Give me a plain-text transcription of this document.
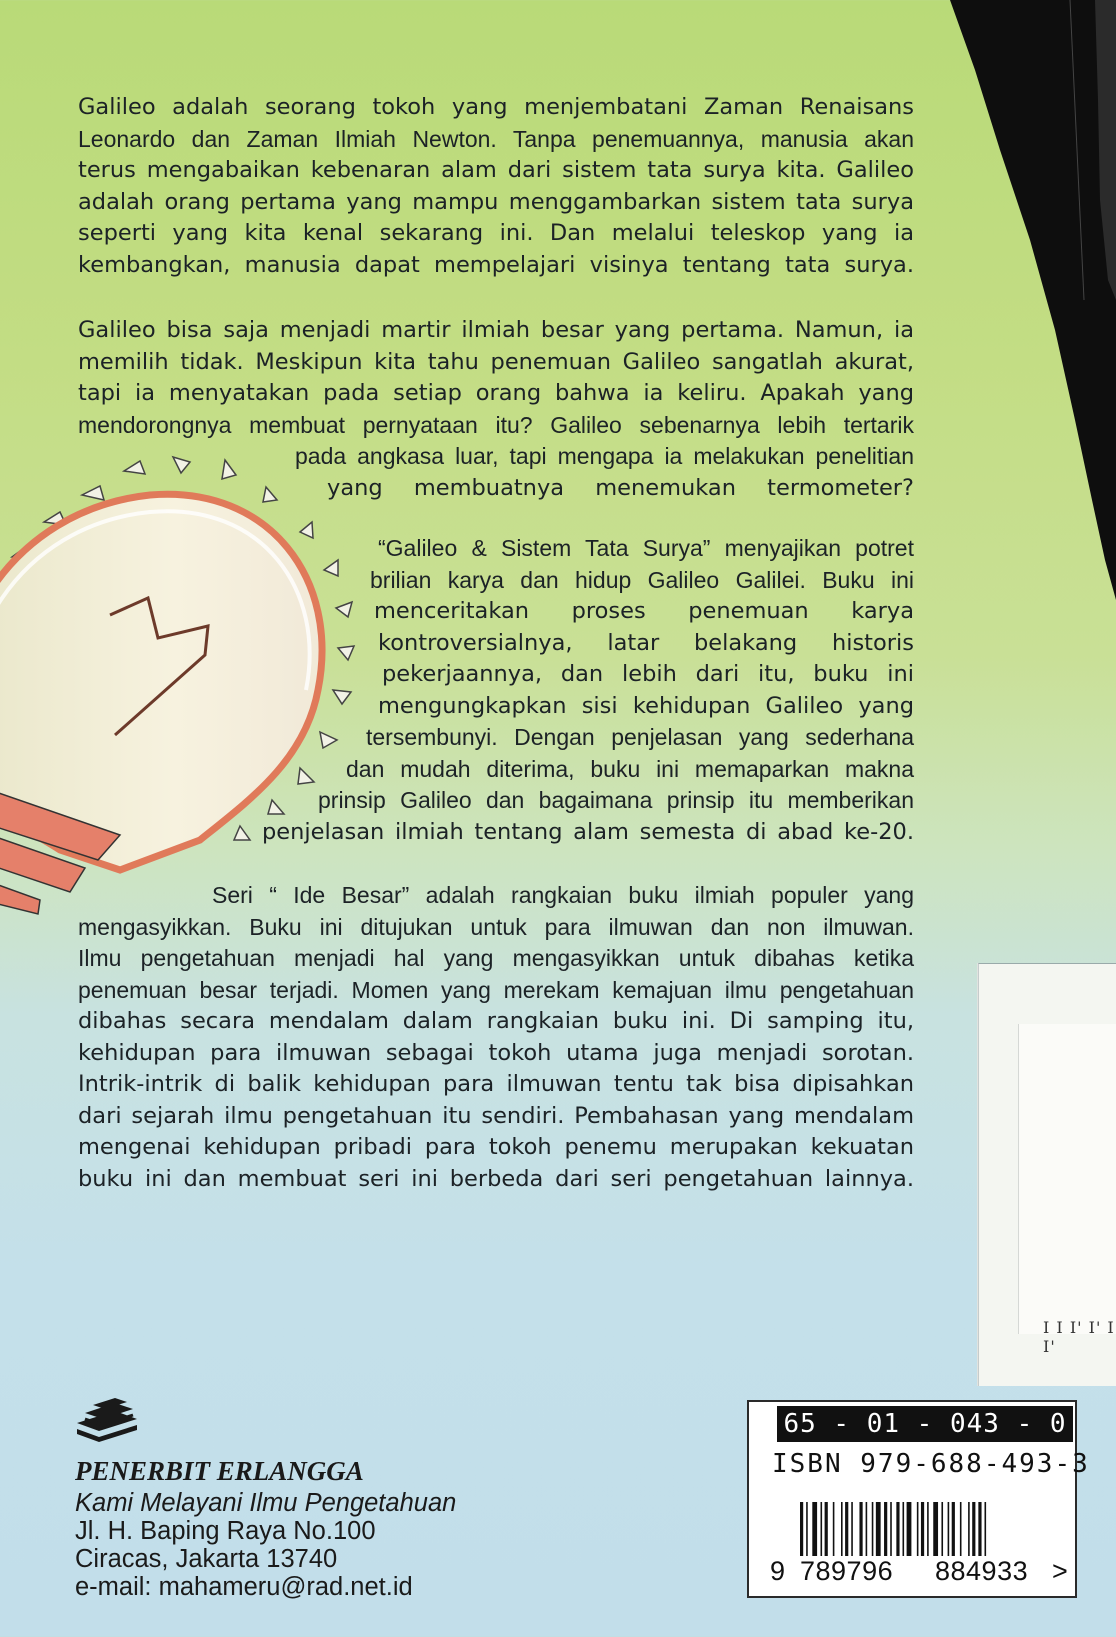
I I I' I' I I'
Galileo adalah seorang tokoh yang menjembatani Zaman Renaisans
Leonardo dan Zaman Ilmiah Newton. Tanpa penemuannya, manusia akan
terus mengabaikan kebenaran alam dari sistem tata surya kita. Galileo
adalah orang pertama yang mampu menggambarkan sistem tata surya
seperti yang kita kenal sekarang ini. Dan melalui teleskop yang ia
kembangkan, manusia dapat mempelajari visinya tentang tata surya.
Galileo bisa saja menjadi martir ilmiah besar yang pertama. Namun, ia
memilih tidak. Meskipun kita tahu penemuan Galileo sangatlah akurat,
tapi ia menyatakan pada setiap orang bahwa ia keliru. Apakah yang
mendorongnya membuat pernyataan itu? Galileo sebenarnya lebih tertarik
pada angkasa luar, tapi mengapa ia melakukan penelitian
yang membuatnya menemukan termometer?
“Galileo & Sistem Tata Surya” menyajikan potret
brilian karya dan hidup Galileo Galilei. Buku ini
menceritakan proses penemuan karya
kontroversialnya, latar belakang historis
pekerjaannya, dan lebih dari itu, buku ini
mengungkapkan sisi kehidupan Galileo yang
tersembunyi. Dengan penjelasan yang sederhana
dan mudah diterima, buku ini memaparkan makna
prinsip Galileo dan bagaimana prinsip itu memberikan
penjelasan ilmiah tentang alam semesta di abad ke-20.
Seri “ Ide Besar” adalah rangkaian buku ilmiah populer yang
mengasyikkan. Buku ini ditujukan untuk para ilmuwan dan non ilmuwan.
Ilmu pengetahuan menjadi hal yang mengasyikkan untuk dibahas ketika
penemuan besar terjadi. Momen yang merekam kemajuan ilmu pengetahuan
dibahas secara mendalam dalam rangkaian buku ini. Di samping itu,
kehidupan para ilmuwan sebagai tokoh utama juga menjadi sorotan.
Intrik-intrik di balik kehidupan para ilmuwan tentu tak bisa dipisahkan
dari sejarah ilmu pengetahuan itu sendiri. Pembahasan yang mendalam
mengenai kehidupan pribadi para tokoh penemu merupakan kekuatan
buku ini dan membuat seri ini berbeda dari seri pengetahuan lainnya.
PENERBIT ERLANGGA
Kami Melayani Ilmu Pengetahuan
Jl. H. Baping Raya No.100
Ciracas, Jakarta 13740
e-mail: mahameru@rad.net.id
65 - 01 - 043 - 0
ISBN 979-688-493-3
9 789796 884933 >
